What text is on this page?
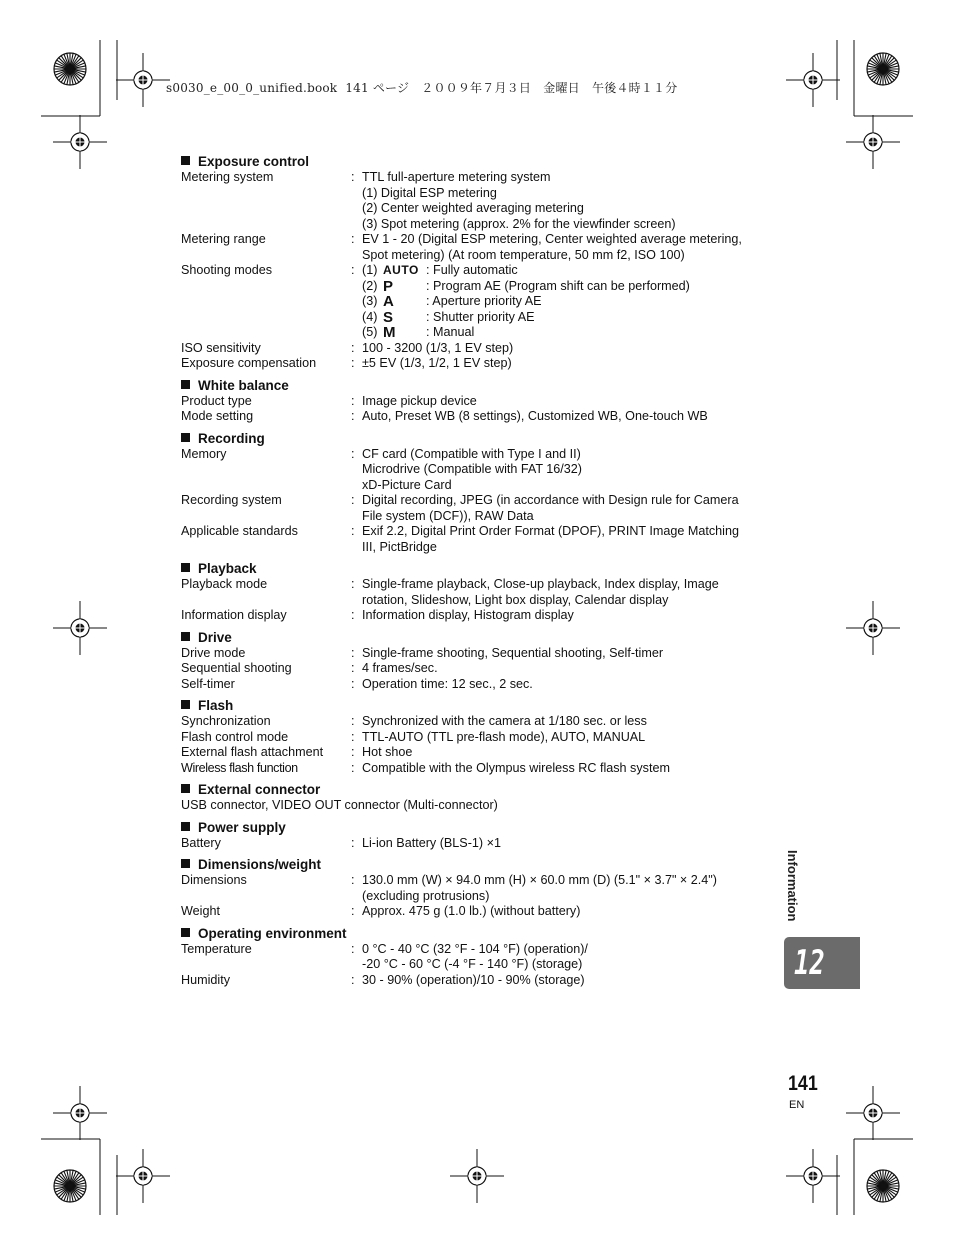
s0030_e_00_0_unified.book 141 ページ ２００９年７月３日　金曜日　午後４時１１分
Exposure control
Metering system	: TTL full-aperture metering system
(1) Digital ESP metering
(2) Center weighted averaging metering
(3) Spot metering (approx. 2% for the viewfinder screen)
Metering range	: EV 1 - 20 (Digital ESP metering, Center weighted average metering,
Spot metering) (At room temperature, 50 mm f2, ISO 100)
Shooting modes	: (1) AUTO : Fully automatic
(2) P	: Program AE (Program shift can be performed)
(3) A	: Aperture priority AE
(4) S	: Shutter priority AE
(5) M	: Manual
ISO sensitivity	: 100 - 3200 (1/3, 1 EV step)
Exposure compensation	: ±5 EV (1/3, 1/2, 1 EV step)
White balance
Product type	: Image pickup device
Mode setting	: Auto, Preset WB (8 settings), Customized WB, One-touch WB
Recording
Memory	: CF card (Compatible with Type I and II)
Microdrive (Compatible with FAT 16/32)
xD-Picture Card
Recording system	: Digital recording, JPEG (in accordance with Design rule for Camera
File system (DCF)), RAW Data
Applicable standards	: Exif 2.2, Digital Print Order Format (DPOF), PRINT Image Matching
III, PictBridge
Playback
Playback mode	: Single-frame playback, Close-up playback, Index display, Image
rotation, Slideshow, Light box display, Calendar display
Information display	: Information display, Histogram display
Drive
Drive mode	: Single-frame shooting, Sequential shooting, Self-timer
Sequential shooting	: 4 frames/sec.
Self-timer	: Operation time: 12 sec., 2 sec.
Flash
Synchronization	: Synchronized with the camera at 1/180 sec. or less
Flash control mode	: TTL-AUTO (TTL pre-flash mode), AUTO, MANUAL
External flash attachment	: Hot shoe
Wireless flash function	: Compatible with the Olympus wireless RC flash system
External connector
USB connector, VIDEO OUT connector (Multi-connector)
Power supply
Battery	: Li-ion Battery (BLS-1) ×1
Dimensions/weight
Dimensions	: 130.0 mm (W) × 94.0 mm (H) × 60.0 mm (D) (5.1" × 3.7" × 2.4")
(excluding protrusions)
Weight	: Approx. 475 g (1.0 lb.) (without battery)
Operating environment
Temperature	: 0 °C - 40 °C (32 °F - 104 °F) (operation)/
-20 °C - 60 °C (-4 °F - 140 °F) (storage)
Humidity	: 30 - 90% (operation)/10 - 90% (storage)
Information
12
141
EN
